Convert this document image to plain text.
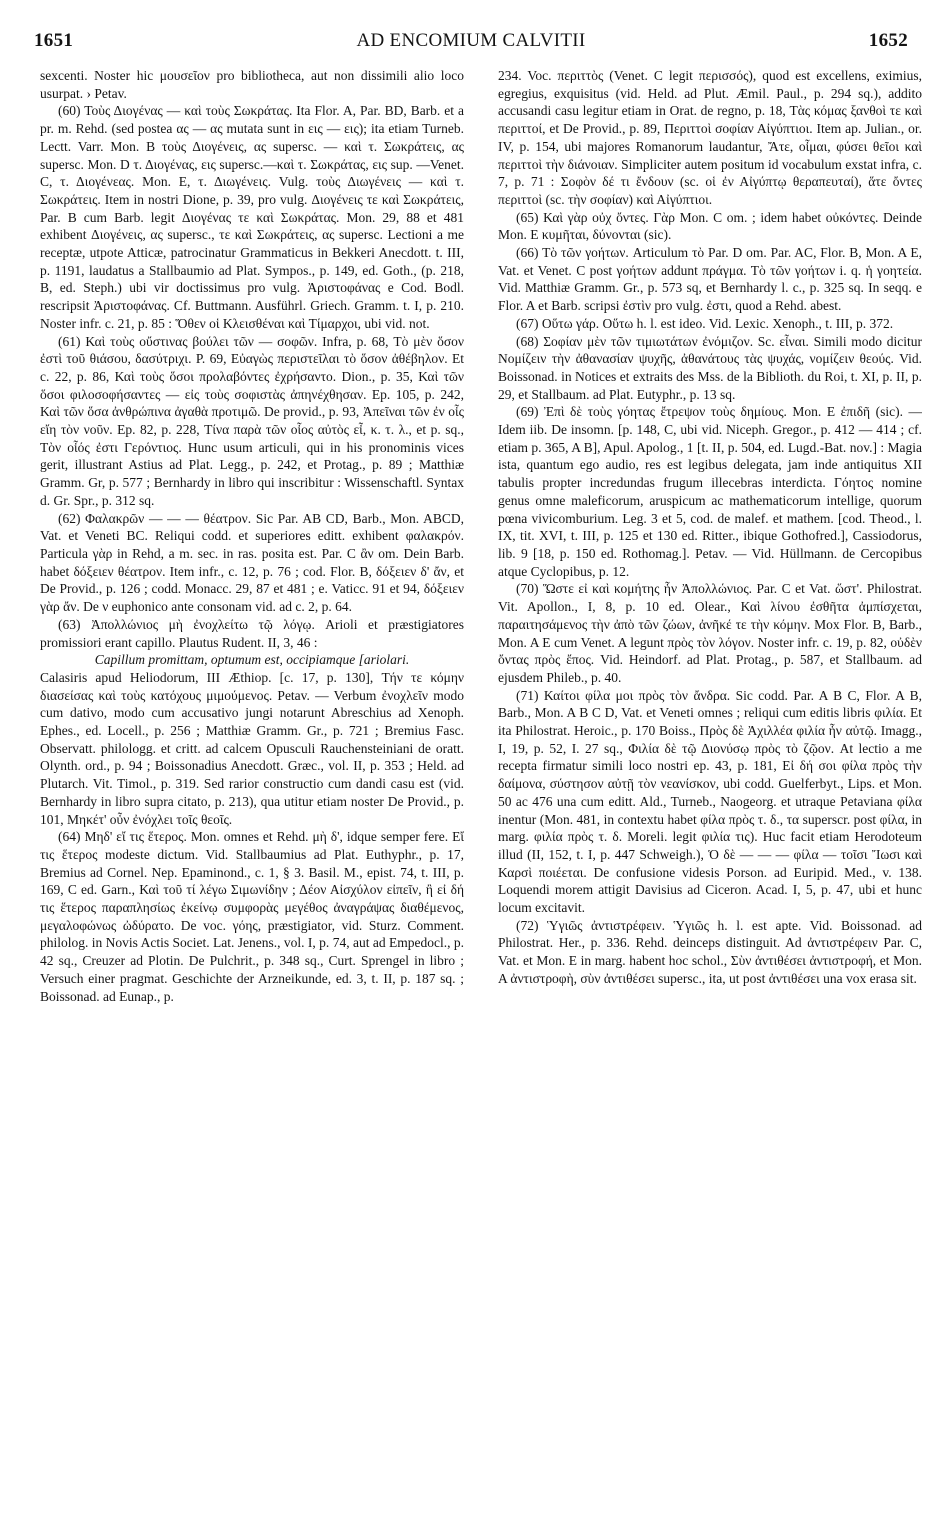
1651	AD ENCOMIUM CALVITII	1652

sexcenti. Noster hic μουσεῖον pro bibliotheca, aut non dissimili alio loco usurpat. › Petav.

(60) Τοὺς Διογένας — καὶ τοὺς Σωκράτας. Ita Flor. A, Par. BD, Barb. et a pr. m. Rehd. (sed postea ας — ας mutata sunt in εις — εις); ita etiam Turneb. Lectt. Varr. Mon. B τοὺς Διογένεις, ας supersc. — καὶ τ. Σωκράτεις, ας supersc. Mon. D τ. Διογένας, εις supersc.—καὶ τ. Σωκράτας, εις sup. —Venet. C, τ. Διογένεας. Mon. E, τ. Διωγένεις. Vulg. τοὺς Διωγένεις — καὶ τ. Σωκράτεις. Item in nostri Dione, p. 39, pro vulg. Διογένεις τε καὶ Σωκράτεις, Par. B cum Barb. legit Διογένας τε καὶ Σωκράτας. Mon. 29, 88 et 481 exhibent Διογένεις, ας supersc., τε καὶ Σωκράτεις, ας supersc. Lectioni a me receptæ, utpote Atticæ, patrocinatur Grammaticus in Bekkeri Anecdott. t. III, p. 1191, laudatus a Stallbaumio ad Plat. Sympos., p. 149, ed. Goth., (p. 218, B, ed. Steph.) ubi vir doctissimus pro vulg. Ἀριστοφάνας e Cod. Bodl. rescripsit Ἀριστοφάνας. Cf. Buttmann. Ausführl. Griech. Gramm. t. I, p. 210. Noster infr. c. 21, p. 85 : Ὅθεν οἱ Κλεισθέναι καὶ Τίμαρχοι, ubi vid. not.

(61) Καὶ τοὺς οὔστινας βούλει τῶν — σοφῶν. Infra, p. 68, Τὸ μὲν ὅσον ἐστὶ τοῦ θιάσου, δασύτριχι. P. 69, Εὐαγὼς περιστεῖλαι τὸ ὅσον ἀθέβηλον. Et c. 22, p. 86, Καὶ τοὺς ὅσοι προλαβόντες ἐχρήσαντο. Dion., p. 35, Καὶ τῶν ὅσοι φιλοσοφήσαντες — εἰς τοὺς σοφιστὰς ἀπηνέχθησαν. Ep. 105, p. 242, Καὶ τῶν ὅσα ἀνθρώπινα ἀγαθὰ προτιμῶ. De provid., p. 93, Ἀπεῖναι τῶν ἐν οἷς εἴη τὸν νοῦν. Ep. 82, p. 228, Τίνα παρὰ τῶν οἷος αὐτὸς εἶ, κ. τ. λ., et p. sq., Τὸν οἷός ἐστι Γερόντιος. Hunc usum articuli, qui in his pronominis vices gerit, illustrant Astius ad Plat. Legg., p. 242, et Protag., p. 89 ; Matthiæ Gramm. Gr, p. 577 ; Bernhardy in libro qui inscribitur : Wissenschaftl. Syntax d. Gr. Spr., p. 312 sq.

(62) Φαλακρῶν — — — θέατρον. Sic Par. AB CD, Barb., Mon. ABCD, Vat. et Veneti BC. Reliqui codd. et superiores editt. exhibent φαλακρόν. Particula γὰρ in Rehd, a m. sec. in ras. posita est. Par. C ἂν om. Dein Barb. habet δόξειεν θέατρον. Item infr., c. 12, p. 76 ; cod. Flor. B, δόξειεν δ' ἄν, et De Provid., p. 126 ; codd. Monacc. 29, 87 et 481 ; e. Vaticc. 91 et 94, δόξειεν γὰρ ἄν. De ν euphonico ante consonam vid. ad c. 2, p. 64.

(63) Ἀπολλώνιος μὴ ἐνοχλείτω τῷ λόγῳ. Arioli et præstigiatores promissiori erant capillo. Plautus Rudent. II, 3, 46 :

Capillum promittam, optumum est, occipiamque [ariolari.

Calasiris apud Heliodorum, III Æthiop. [c. 17, p. 130], Τήν τε κόμην διασείσας καὶ τοὺς κατόχους μιμούμενος. Petav. — Verbum ἐνοχλεῖν modo cum dativo, modo cum accusativo jungi notarunt Abreschius ad Xenoph. Ephes., ed. Locell., p. 256 ; Matthiæ Gramm. Gr., p. 721 ; Bremius Fasc. Observatt. philologg. et critt. ad calcem Opusculi Rauchensteiniani de oratt. Olynth. ord., p. 94 ; Boissonadius Anecdott. Græc., vol. II, p. 353 ; Held. ad Plutarch. Vit. Timol., p. 319. Sed rarior constructio cum dandi casu est (vid. Bernhardy in libro supra citato, p. 213), qua utitur etiam noster De Provid., p. 101, Μηκέτ' οὖν ἐνόχλει τοῖς θεοῖς.

(64) Μηδ' εἴ τις ἕτερος. Mon. omnes et Rehd. μὴ δ', idque semper fere. Εἴ τις ἕτερος modeste dictum. Vid. Stallbaumius ad Plat. Euthyphr., p. 17, Bremius ad Cornel. Nep. Epaminond., c. 1, § 3. Basil. M., epist. 74, t. III, p. 169, C ed. Garn., Καὶ τοῦ τί λέγω Σιμωνίδην ; Δέον Αἰσχύλον εἰπεῖν, ἢ εἰ δή τις ἕτερος παραπλησίως ἐκείνῳ συμφορὰς μεγέθος ἀναγράψας διαθέμενος, μεγαλοφώνως ὠδύρατο. De voc. γόης, præstigiator, vid. Sturz. Comment. philolog. in Novis Actis Societ. Lat. Jenens., vol. I, p. 74, aut ad Empedocl., p. 42 sq., Creuzer ad Plotin. De Pulchrit., p. 348 sq., Curt. Sprengel in libro ; Versuch einer pragmat. Geschichte der Arzneikunde, ed. 3, t. II, p. 187 sq. ; Boissonad. ad Eunap., p.

234. Voc. περιττὸς (Venet. C legit περισσός), quod est excellens, eximius, egregius, exquisitus (vid. Held. ad Plut. Æmil. Paul., p. 294 sq.), addito accusandi casu legitur etiam in Orat. de regno, p. 18, Τὰς κόμας ξανθοὶ τε καὶ περιττοί, et De Provid., p. 89, Περιττοὶ σοφίαν Αἰγύπτιοι. Item ap. Julian., or. IV, p. 154, ubi majores Romanorum laudantur, Ἄτε, οἶμαι, φύσει θεῖοι καὶ περιττοὶ τὴν διάνοιαν. Simpliciter autem positum id vocabulum exstat infra, c. 7, p. 71 : Σοφὸν δέ τι ἔνδουν (sc. οἱ ἐν Αἰγύπτῳ θεραπευταί), ἅτε ὄντες περιττοὶ (sc. τὴν σοφίαν) καὶ Αἰγύπτιοι.

(65) Καὶ γὰρ οὐχ ὄντες. Γὰρ Mon. C om. ; idem habet οὐκόντες. Deinde Mon. E κυμῆται, δύνονται (sic).

(66) Τὸ τῶν γοήτων. Articulum τὸ Par. D om. Par. AC, Flor. B, Mon. A E, Vat. et Venet. C post γοήτων addunt πράγμα. Τὸ τῶν γοήτων i. q. ἡ γοητεία. Vid. Matthiæ Gramm. Gr., p. 573 sq, et Bernhardy l. c., p. 325 sq. In seqq. e Flor. A et Barb. scripsi ἐστὶν pro vulg. ἐστι, quod a Rehd. abest.

(67) Οὕτω γάρ. Οὕτω h. l. est ideo. Vid. Lexic. Xenoph., t. III, p. 372.

(68) Σοφίαν μὲν τῶν τιμιωτάτων ἐνόμιζον. Sc. εἶναι. Simili modo dicitur Νομίζειν τὴν ἀθανασίαν ψυχῆς, ἀθανάτους τὰς ψυχάς, νομίζειν θεούς. Vid. Boissonad. in Notices et extraits des Mss. de la Biblioth. du Roi, t. XI, p. II, p. 29, et Stallbaum. ad Plat. Eutyphr., p. 13 sq.

(69) Ἐπὶ δὲ τοὺς γόητας ἔτρεψον τοὺς δημίους. Mon. E ἐπιδῆ (sic). — Idem iib. De insomn. [p. 148, C, ubi vid. Niceph. Gregor., p. 412 — 414 ; cf. etiam p. 365, A B], Apul. Apolog., 1 [t. II, p. 504, ed. Lugd.-Bat. nov.] : Magia ista, quantum ego audio, res est legibus delegata, jam inde antiquitus XII tabulis propter incredundas frugum illecebras interdicta. Γόητος nomine genus omne maleficorum, aruspicum ac mathematicorum intellige, quorum pœna vivicomburium. Leg. 3 et 5, cod. de malef. et mathem. [cod. Theod., l. IX, tit. XVI, t. III, p. 125 et 130 ed. Ritter., ibique Gothofred.], Cassiodorus, lib. 9 [18, p. 150 ed. Rothomag.]. Petav. — Vid. Hüllmann. de Cercopibus atque Cyclopibus, p. 12.

(70) Ὥστε εἰ καὶ κομήτης ἦν Ἀπολλώνιος. Par. C et Vat. ὥστ'. Philostrat. Vit. Apollon., I, 8, p. 10 ed. Olear., Καὶ λίνου ἐσθῆτα ἀμπίσχεται, παραιτησάμενος τὴν ἀπὸ τῶν ζώων, ἀνῆκέ τε τὴν κόμην. Mox Flor. B, Barb., Mon. A E cum Venet. A legunt πρὸς τὸν λόγον. Noster infr. c. 19, p. 82, οὐδὲν ὄντας πρὸς ἔπος. Vid. Heindorf. ad Plat. Protag., p. 587, et Stallbaum. ad ejusdem Phileb., p. 40.

(71) Καίτοι φίλα μοι πρὸς τὸν ἄνδρα. Sic codd. Par. A B C, Flor. A B, Barb., Mon. A B C D, Vat. et Veneti omnes ; reliqui cum editis libris φιλία. Et ita Philostrat. Heroic., p. 170 Boiss., Πρὸς δὲ Ἀχιλλέα φιλία ἦν αὐτῷ. Imagg., I, 19, p. 52, I. 27 sq., Φιλία δὲ τῷ Διονύσῳ πρὸς τὸ ζῷον. At lectio a me recepta firmatur simili loco nostri ep. 43, p. 181, Εἰ δή σοι φίλα πρὸς τὴν δαίμονα, σύστησον αὐτῇ τὸν νεανίσκον, ubi codd. Guelferbyt., Lips. et Mon. 50 ac 476 una cum editt. Ald., Turneb., Naogeorg. et utraque Petaviana φίλα inentur (Mon. 481, in contextu habet φίλα πρὸς τ. δ., τα superscr. post φίλα, in marg. φιλία πρὸς τ. δ. Moreli. legit φιλία τις). Huc facit etiam Herodoteum illud (II, 152, t. I, p. 447 Schweigh.), Ὁ δὲ — — — φίλα — τοῖσι Ἴωσι καὶ Καρσὶ ποιέεται. De confusione videsis Porson. ad Euripid. Med., v. 138. Loquendi morem attigit Davisius ad Ciceron. Acad. I, 5, p. 47, ubi et hunc locum excitavit.

(72) Ὑγιῶς ἀντιστρέφειν. Ὑγιῶς h. l. est apte. Vid. Boissonad. ad Philostrat. Her., p. 336. Rehd. deinceps distinguit. Ad ἀντιστρέφειν Par. C, Vat. et Mon. E in marg. habent hoc schol., Σὺν ἀντιθέσει ἀντιστροφή, et Mon. A ἀντιστροφὴ, σὺν ἀντιθέσει supersc., ita, ut post ἀντιθέσει una vox erasa sit.
